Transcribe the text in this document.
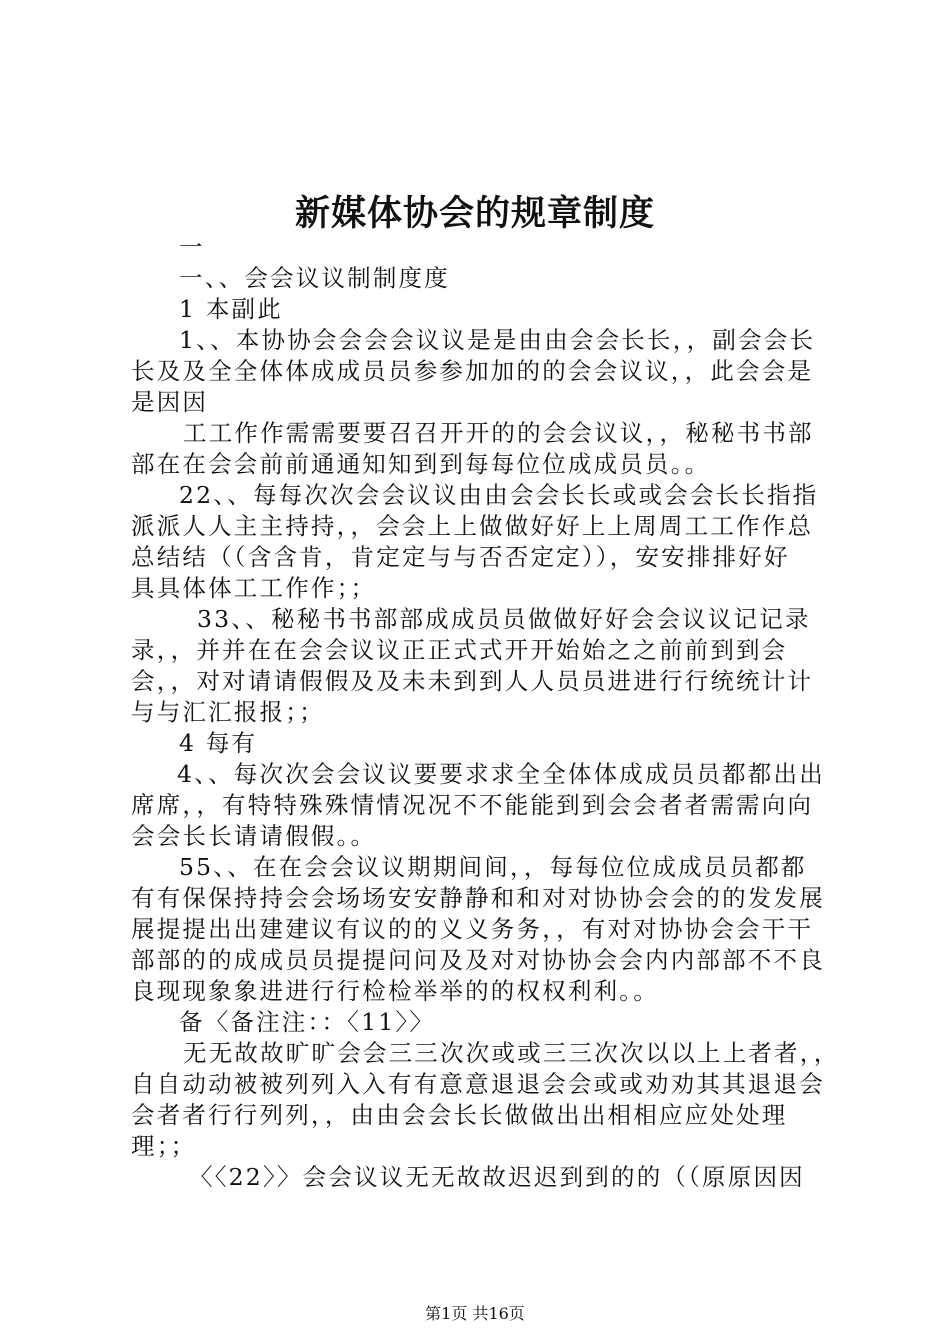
新媒体协会的规章制度
一
一、、会会议议制制度度
1 本副此
1、、本协协会会会会议议是是由由会会长长，，副会会长
长及及全全体体成成员员参参加加的的会会议议，，此会会是
是因因
工工作作需需要要召召开开的的会会议议，，秘秘书书部
部在在会会前前通通知知到到每每位位成成员员。。
22、、每每次次会会议议由由会会长长或或会会长长指指
派派人人主主持持，，会会上上做做好好上上周周工工作作总
总结结（（含含肯，肯定定与与否否定定）），安安排排好好
具具体体工工作作；；
33、、秘秘书书部部成成员员做做好好会会议议记记录
录，，并并在在会会议议正正式式开开始始之之前前到到会
会，，对对请请假假及及未未到到人人员员进进行行统统计计
与与汇汇报报；；
4 每有
4、、每次次会会议议要要求求全全体体成成员员都都出出
席席，，有特特殊殊情情况况不不能能到到会会者者需需向向
会会长长请请假假。。
55、、在在会会议议期期间间，，每每位位成成员员都都
有有保保持持会会场场安安静静和和对对协协会会的的发发展
展提提出出建建议有议的的义义务务，，有对对协协会会干干
部部的的成成员员提提问问及及对对协协会会内内部部不不良
良现现象象进进行行检检举举的的权权利利。。
备〈备注注：：〈11〉〉
无无故故旷旷会会三三次次或或三三次次以以上上者者，，
自自动动被被列列入入有有意意退退会会或或劝劝其其退退会
会者者行行列列，，由由会会长长做做出出相相应应处处理
理；；
〈〈22〉〉会会议议无无故故迟迟到到的的（（原原因因

第1页 共16页
